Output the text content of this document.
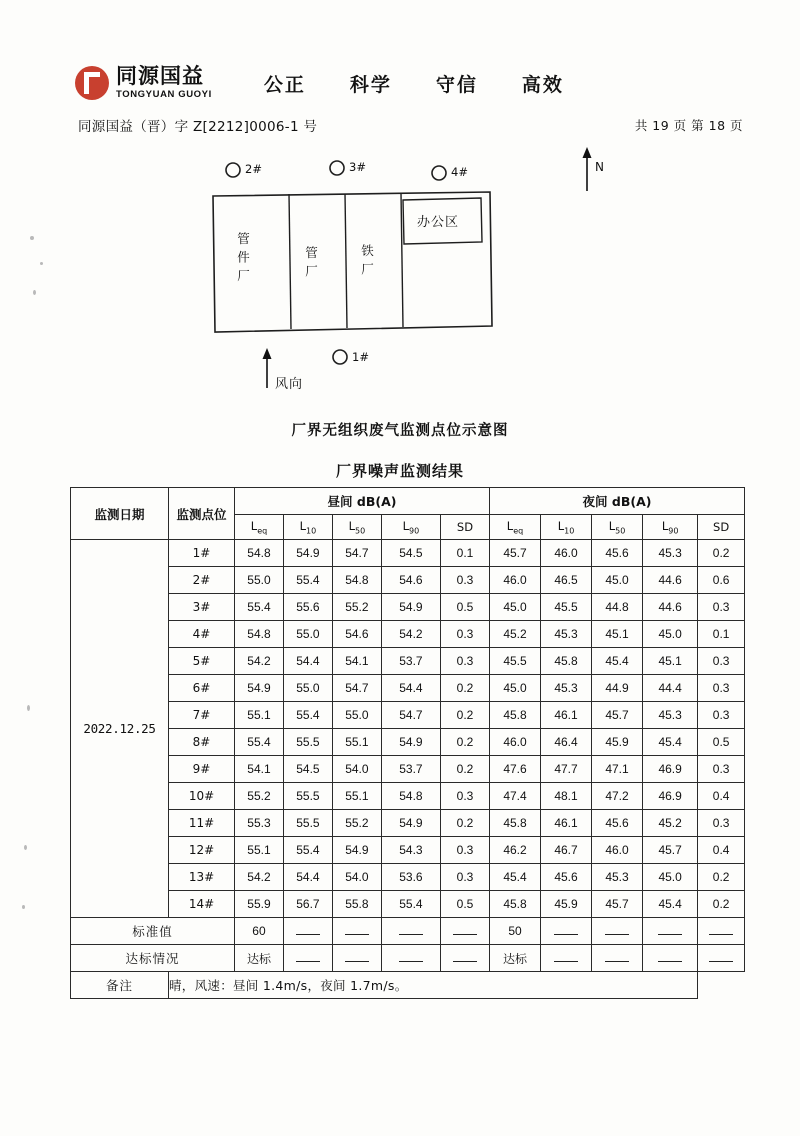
同源国益
TONGYUAN GUOYI	公正 科学 守信 高效
同源国益（晋）字 Z[2212]0006-1 号	共 19 页 第 18 页
N
管件厂	管厂	铁厂
办公区
2#	3#	4#
1#
风向
厂界无组织废气监测点位示意图
厂界噪声监测结果
监测日期	监测点位	昼间 dB(A)					夜间 dB(A)				
		$L_{eq}$	$L_{10}$	$L_{50}$	$L_{90}$	SD	$L_{eq}$	$L_{10}$	$L_{50}$	$L_{90}$	SD
2022.12.25	1#	54.8	54.9	54.7	54.5	0.1	45.7	46.0	45.6	45.3	0.2
	2#	55.0	55.4	54.8	54.6	0.3	46.0	46.5	45.0	44.6	0.6
	3#	55.4	55.6	55.2	54.9	0.5	45.0	45.5	44.8	44.6	0.3
	4#	54.8	55.0	54.6	54.2	0.3	45.2	45.3	45.1	45.0	0.1
	5#	54.2	54.4	54.1	53.7	0.3	45.5	45.8	45.4	45.1	0.3
	6#	54.9	55.0	54.7	54.4	0.2	45.0	45.3	44.9	44.4	0.3
	7#	55.1	55.4	55.0	54.7	0.2	45.8	46.1	45.7	45.3	0.3
	8#	55.4	55.5	55.1	54.9	0.2	46.0	46.4	45.9	45.4	0.5
	9#	54.1	54.5	54.0	53.7	0.2	47.6	47.7	47.1	46.9	0.3
	10#	55.2	55.5	55.1	54.8	0.3	47.4	48.1	47.2	46.9	0.4
	11#	55.3	55.5	55.2	54.9	0.2	45.8	46.1	45.6	45.2	0.3
	12#	55.1	55.4	54.9	54.3	0.3	46.2	46.7	46.0	45.7	0.4
	13#	54.2	54.4	54.0	53.6	0.3	45.4	45.6	45.3	45.0	0.2
	14#	55.9	56.7	55.8	55.4	0.5	45.8	45.9	45.7	45.4	0.2
标准值		60					50				
达标情况		达标					达标				
备注	晴，风速：昼间 1.4m/s，夜间 1.7m/s。										
